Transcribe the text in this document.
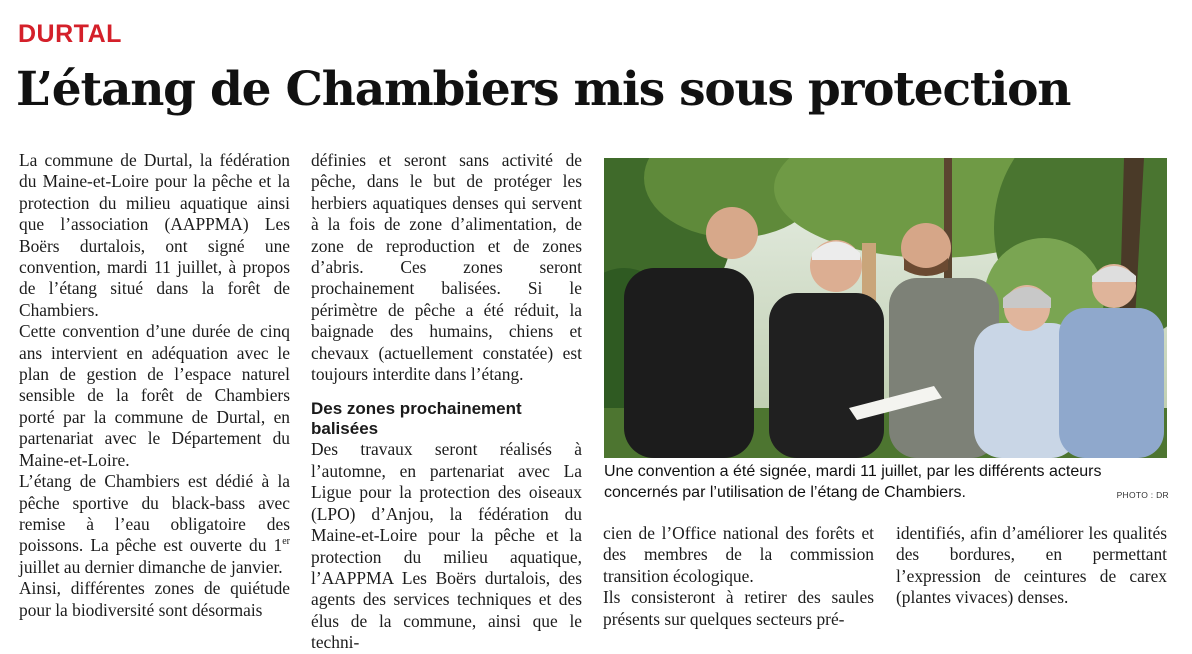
DURTAL
L’étang de Chambiers mis sous protection

La commune de Durtal, la fédération du Maine-et-Loire pour la pêche et la protection du milieu aquatique ainsi que l’association (AAPPMA) Les Boërs durtalois, ont signé une convention, mardi 11 juillet, à propos de l’étang situé dans la forêt de Chambiers.

Cette convention d’une durée de cinq ans intervient en adéquation avec le plan de gestion de l’espace naturel sensible de la forêt de Chambiers porté par la commune de Durtal, en partenariat avec le Département du Maine-et-Loire.

L’étang de Chambiers est dédié à la pêche sportive du black-bass avec remise à l’eau obligatoire des poissons. La pêche est ouverte du 1er juillet au dernier dimanche de janvier.

Ainsi, différentes zones de quiétude pour la biodiversité sont désormais

définies et seront sans activité de pêche, dans le but de protéger les herbiers aquatiques denses qui servent à la fois de zone d’alimentation, de zone de reproduction et de zones d’abris. Ces zones seront prochainement balisées. Si le périmètre de pêche a été réduit, la baignade des humains, chiens et chevaux (actuellement constatée) est toujours interdite dans l’étang.

Des zones prochainement balisées

Des travaux seront réalisés à l’automne, en partenariat avec La Ligue pour la protection des oiseaux (LPO) d’Anjou, la fédération du Maine-et-Loire pour la pêche et la protection du milieu aquatique, l’AAPPMA Les Boërs durtalois, des agents des services techniques et des élus de la commune, ainsi que le techni-

Une convention a été signée, mardi 11 juillet, par les différents acteurs concernés par l’utilisation de l’étang de Chambiers.	PHOTO : DR

cien de l’Office national des forêts et des membres de la commission transition écologique.

Ils consisteront à retirer des saules présents sur quelques secteurs pré-

identifiés, afin d’améliorer les qualités des bordures, en permettant l’expression de ceintures de carex (plantes vivaces) denses.
